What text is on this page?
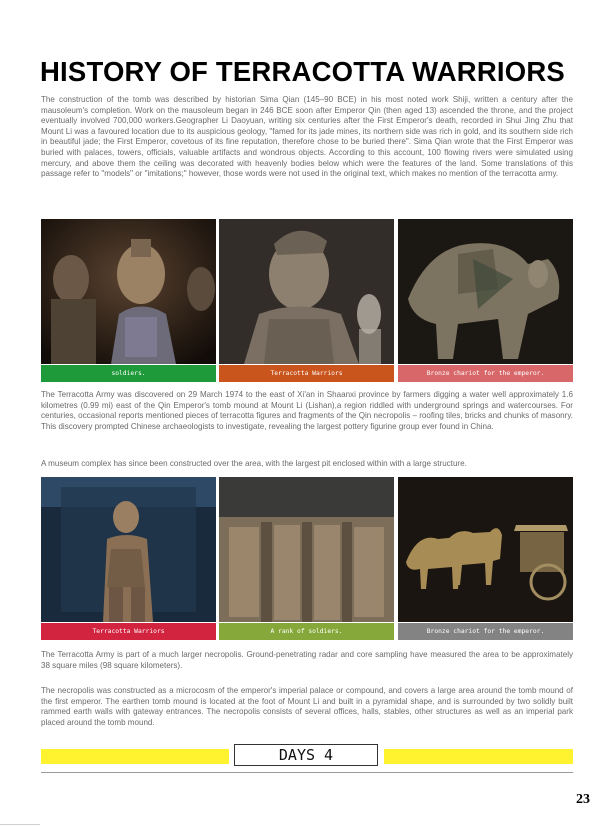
HISTORY OF TERRACOTTA WARRIORS
The construction of the tomb was described by historian Sima Qian (145–90 BCE) in his most noted work Shiji, written a century after the mausoleum's completion. Work on the mausoleum began in 246 BCE soon after Emperor Qin (then aged 13) ascended the throne, and the project eventually involved 700,000 workers.Geographer Li Daoyuan, writing six centuries after the First Emperor's death, recorded in Shui Jing Zhu that Mount Li was a favoured location due to its auspicious geology, "famed for its jade mines, its northern side was rich in gold, and its southern side rich in beautiful jade; the First Emperor, covetous of its fine reputation, therefore chose to be buried there". Sima Qian wrote that the First Emperor was buried with palaces, towers, officials, valuable artifacts and wondrous objects. According to this account, 100 flowing rivers were simulated using mercury, and above them the ceiling was decorated with heavenly bodies below which were the features of the land. Some translations of this passage refer to "models" or "imitations;" however, those words were not used in the original text, which makes no mention of the terracotta army.
soldiers.	Terracotta Warriors	Bronze chariot for the emperor.
The Terracotta Army was discovered on 29 March 1974 to the east of Xi'an in Shaanxi province by farmers digging a water well approximately 1.6 kilometres (0.99 mi) east of the Qin Emperor's tomb mound at Mount Li (Lishan),a region riddled with underground springs and watercourses. For centuries, occasional reports mentioned pieces of terracotta figures and fragments of the Qin necropolis – roofing tiles, bricks and chunks of masonry. This discovery prompted Chinese archaeologists to investigate, revealing the largest pottery figurine group ever found in China.
A museum complex has since been constructed over the area, with the largest pit enclosed within with a large structure.
Terracotta Warriors	A rank of soldiers.	Bronze chariot for the emperor.
The Terracotta Army is part of a much larger necropolis. Ground-penetrating radar and core sampling have measured the area to be approximately 38 square miles (98 square kilometers).
The necropolis was constructed as a microcosm of the emperor's imperial palace or compound, and covers a large area around the tomb mound of the first emperor. The earthen tomb mound is located at the foot of Mount Li and built in a pyramidal shape, and is surrounded by two solidly built rammed earth walls with gateway entrances. The necropolis consists of several offices, halls, stables, other structures as well as an imperial park placed around the tomb mound.
DAYS 4
23
